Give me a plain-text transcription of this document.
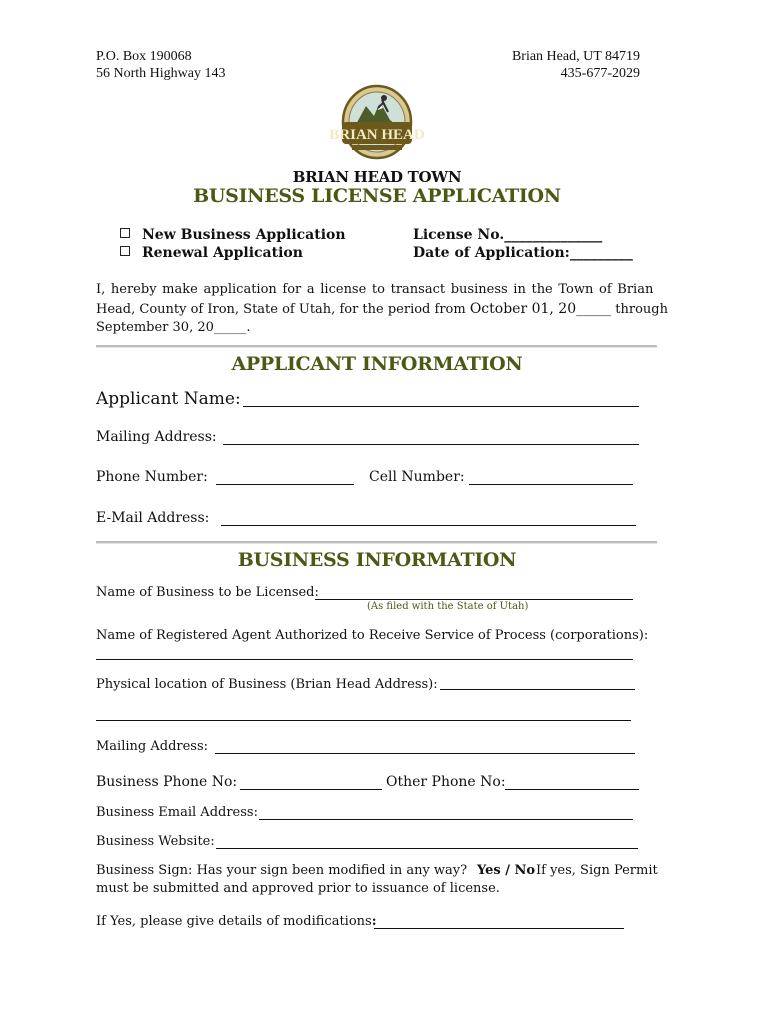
P.O. Box 190068
56 North Highway 143
Brian Head, UT 84719
435-677-2029
BRIAN HEAD
BRIAN HEAD TOWN
BUSINESS LICENSE APPLICATION
New Business Application
Renewal Application
License No.______________
Date of Application:_________
I, hereby make application for a license to transact business in the Town of Brian
Head, County of Iron, State of Utah, for the period from October 01, 20_____ through
September 30, 20_____.
APPLICANT INFORMATION
Applicant Name:
Mailing Address:
Phone Number:	Cell Number:
E-Mail Address:
BUSINESS INFORMATION
Name of Business to be Licensed:
(As filed with the State of Utah)
Name of Registered Agent Authorized to Receive Service of Process (corporations):
Physical location of Business (Brian Head Address):
Mailing Address:
Business Phone No:	Other Phone No:
Business Email Address:
Business Website:
Business Sign: Has your sign been modified in any way? Yes / No If yes, Sign Permit
must be submitted and approved prior to issuance of license.
If Yes, please give details of modifications:
